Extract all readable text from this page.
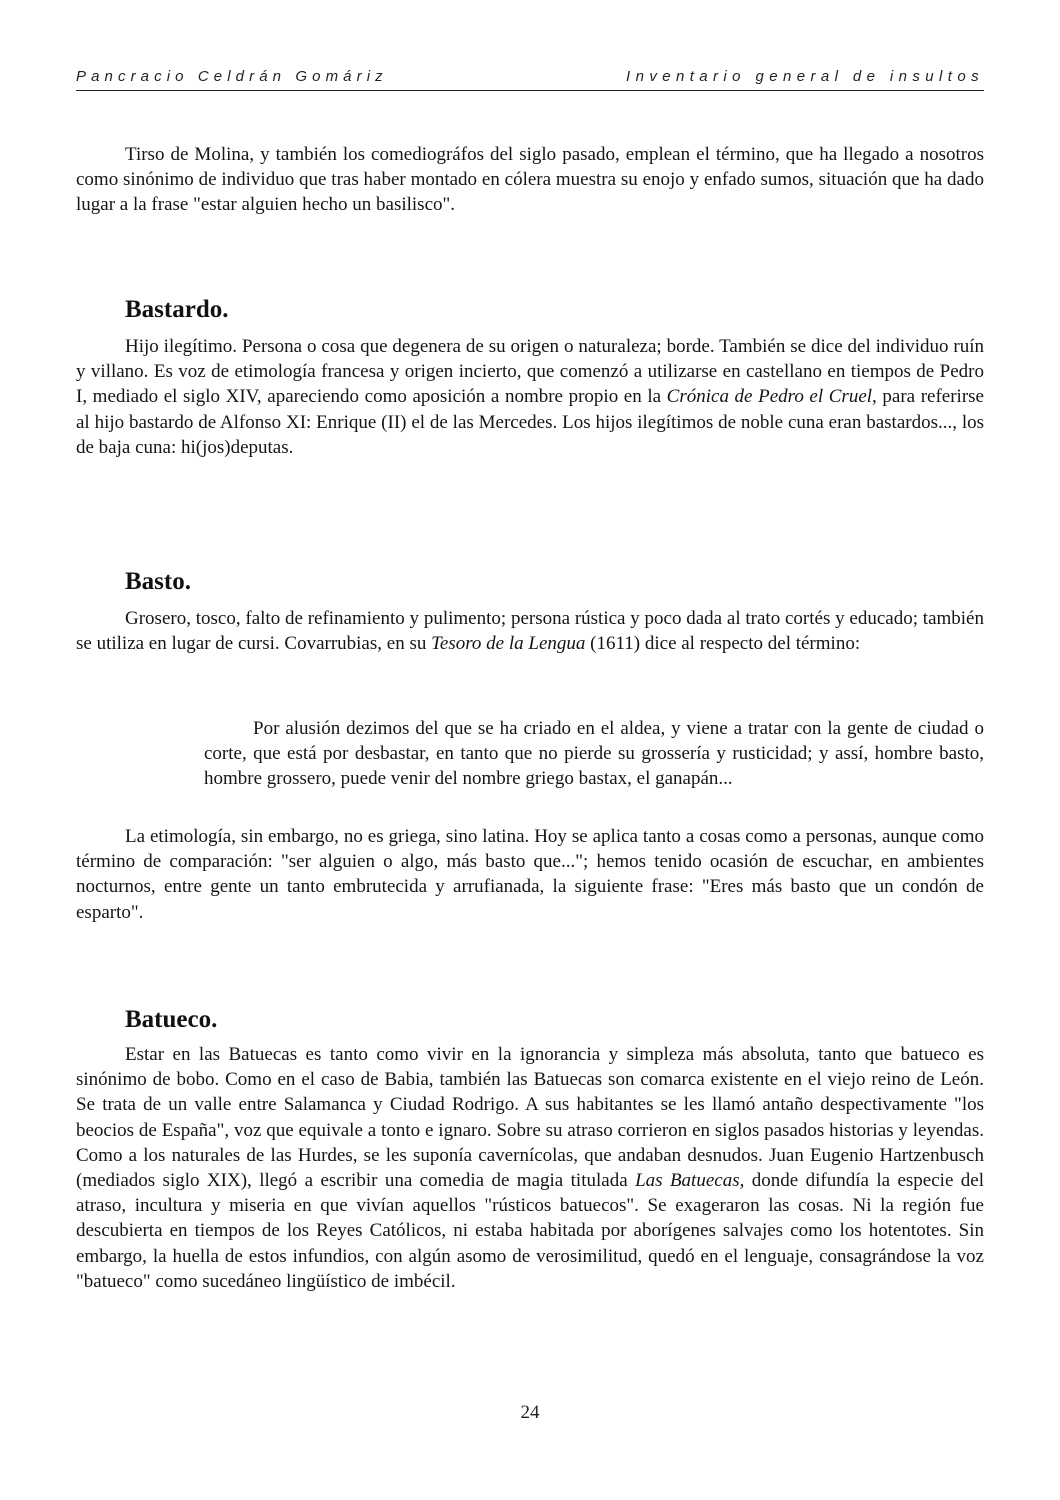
Pancracio Celdrán Gomáriz	Inventario general de insultos

Tirso de Molina, y también los comediográfos del siglo pasado, emplean el término, que ha llegado a nosotros como sinónimo de individuo que tras haber montado en cólera muestra su enojo y enfado sumos, situación que ha dado lugar a la frase "estar alguien hecho un basilisco".

Bastardo.

Hijo ilegítimo. Persona o cosa que degenera de su origen o naturaleza; borde. También se dice del individuo ruín y villano. Es voz de etimología francesa y origen incierto, que comenzó a utilizarse en castellano en tiempos de Pedro I, mediado el siglo XIV, apareciendo como aposición a nombre propio en la Crónica de Pedro el Cruel, para referirse al hijo bastardo de Alfonso XI: Enrique (II) el de las Mercedes. Los hijos ilegítimos de noble cuna eran bastardos..., los de baja cuna: hi(jos)deputas.

Basto.

Grosero, tosco, falto de refinamiento y pulimento; persona rústica y poco dada al trato cortés y educado; también se utiliza en lugar de cursi. Covarrubias, en su Tesoro de la Lengua (1611) dice al respecto del término:

Por alusión dezimos del que se ha criado en el aldea, y viene a tratar con la gente de ciudad o corte, que está por desbastar, en tanto que no pierde su grossería y rusticidad; y assí, hombre basto, hombre grossero, puede venir del nombre griego bastax, el ganapán...

La etimología, sin embargo, no es griega, sino latina. Hoy se aplica tanto a cosas como a personas, aunque como término de comparación: "ser alguien o algo, más basto que..."; hemos tenido ocasión de escuchar, en ambientes nocturnos, entre gente un tanto embrutecida y arrufianada, la siguiente frase: "Eres más basto que un condón de esparto".

Batueco.

Estar en las Batuecas es tanto como vivir en la ignorancia y simpleza más absoluta, tanto que batueco es sinónimo de bobo. Como en el caso de Babia, también las Batuecas son comarca existente en el viejo reino de León. Se trata de un valle entre Salamanca y Ciudad Rodrigo. A sus habitantes se les llamó antaño despectivamente "los beocios de España", voz que equivale a tonto e ignaro. Sobre su atraso corrieron en siglos pasados historias y leyendas. Como a los naturales de las Hurdes, se les suponía cavernícolas, que andaban desnudos. Juan Eugenio Hartzenbusch (mediados siglo XIX), llegó a escribir una comedia de magia titulada Las Batuecas, donde difundía la especie del atraso, incultura y miseria en que vivían aquellos "rústicos batuecos". Se exageraron las cosas. Ni la región fue descubierta en tiempos de los Reyes Católicos, ni estaba habitada por aborígenes salvajes como los hotentotes. Sin embargo, la huella de estos infundios, con algún asomo de verosimilitud, quedó en el lenguaje, consagrándose la voz "batueco" como sucedáneo lingüístico de imbécil.

24
